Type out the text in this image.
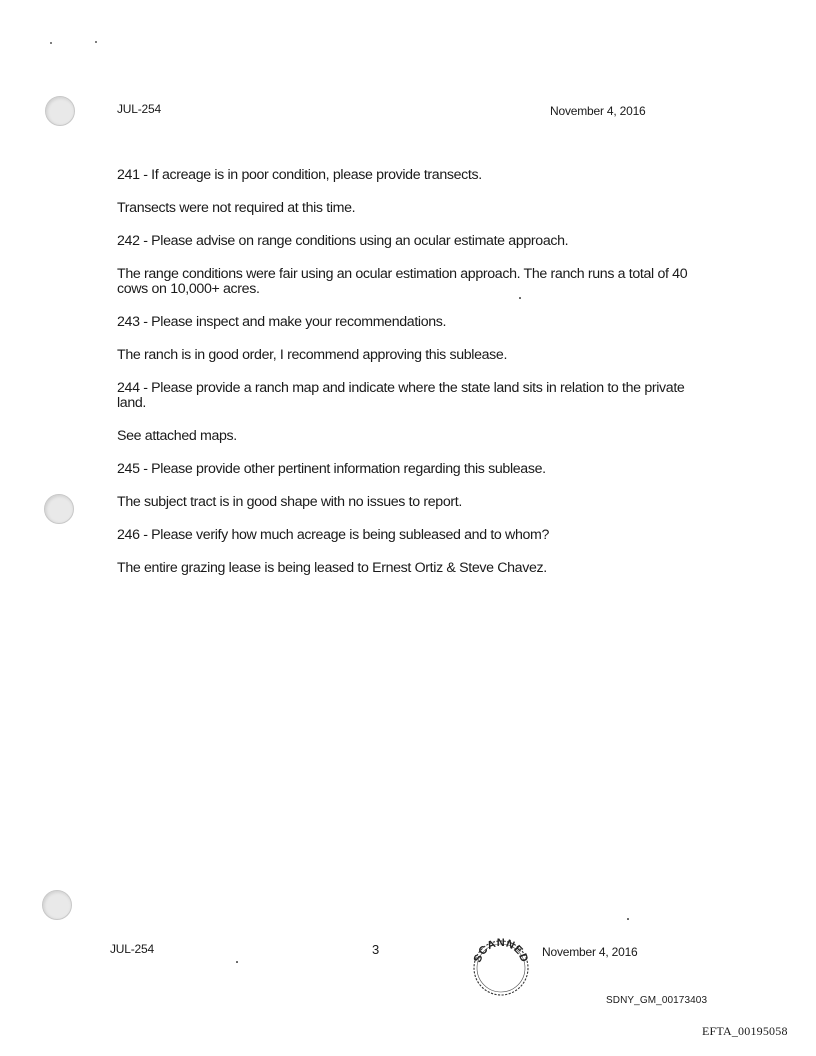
JUL-254	November 4, 2016

241 - If acreage is in poor condition, please provide transects.

Transects were not required at this time.

242 - Please advise on range conditions using an ocular estimate approach.

The range conditions were fair using an ocular estimation approach. The ranch runs a total of 40 cows on 10,000+ acres.

243 - Please inspect and make your recommendations.

The ranch is in good order, I recommend approving this sublease.

244 - Please provide a ranch map and indicate where the state land sits in relation to the private land.

See attached maps.

245 - Please provide other pertinent information regarding this sublease.

The subject tract is in good shape with no issues to report.

246 - Please verify how much acreage is being subleased and to whom?

The entire grazing lease is being leased to Ernest Ortiz & Steve Chavez.

JUL-254	3
SCANNED November 4, 2016
SDNY_GM_00173403
EFTA_00195058
